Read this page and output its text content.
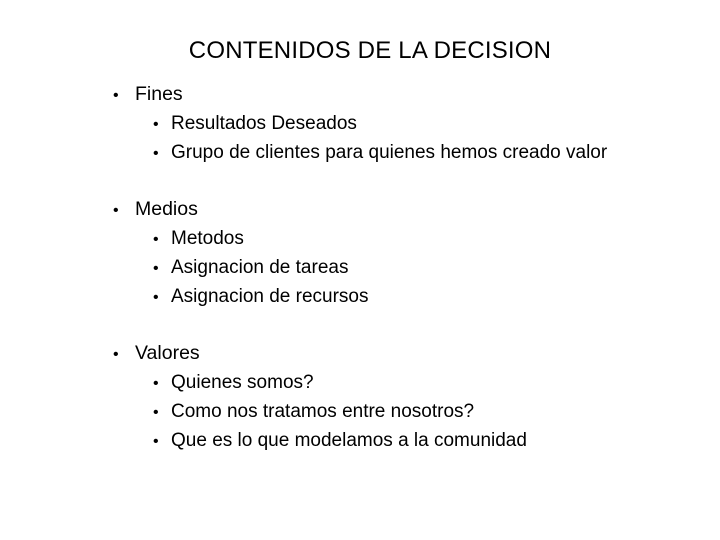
CONTENIDOS DE LA DECISION
• Fines
• Resultados Deseados
• Grupo de clientes para quienes hemos creado valor
• Medios
• Metodos
• Asignacion de tareas
• Asignacion de recursos
• Valores
• Quienes somos?
• Como nos tratamos entre nosotros?
• Que es lo que modelamos a la comunidad
